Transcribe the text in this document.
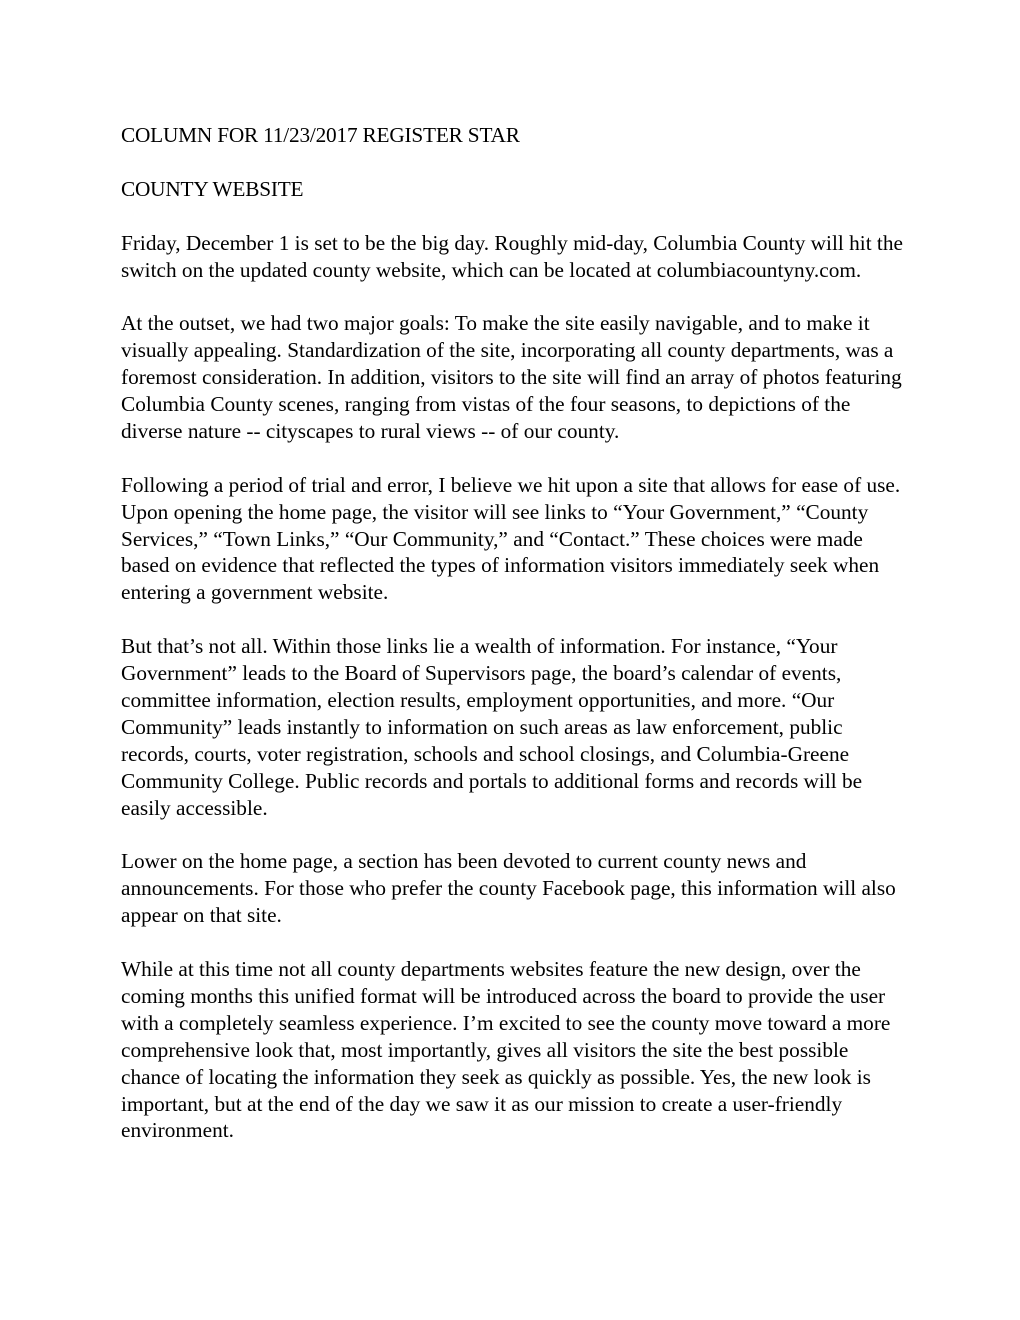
COLUMN FOR 11/23/2017 REGISTER STAR

COUNTY WEBSITE

Friday, December 1 is set to be the big day. Roughly mid-day, Columbia County will hit the switch on the updated county website, which can be located at columbiacountyny.com.

At the outset, we had two major goals: To make the site easily navigable, and to make it visually appealing. Standardization of the site, incorporating all county departments, was a foremost consideration. In addition, visitors to the site will find an array of photos featuring Columbia County scenes, ranging from vistas of the four seasons, to depictions of the diverse nature -- cityscapes to rural views -- of our county.

Following a period of trial and error, I believe we hit upon a site that allows for ease of use. Upon opening the home page, the visitor will see links to “Your Government,” “County Services,” “Town Links,” “Our Community,” and “Contact.” These choices were made based on evidence that reflected the types of information visitors immediately seek when entering a government website.

But that’s not all. Within those links lie a wealth of information. For instance, “Your Government” leads to the Board of Supervisors page, the board’s calendar of events, committee information, election results, employment opportunities, and more. “Our Community” leads instantly to information on such areas as law enforcement, public records, courts, voter registration, schools and school closings, and Columbia-Greene Community College. Public records and portals to additional forms and records will be easily accessible.

Lower on the home page, a section has been devoted to current county news and announcements. For those who prefer the county Facebook page, this information will also appear on that site.

While at this time not all county departments websites feature the new design, over the coming months this unified format will be introduced across the board to provide the user with a completely seamless experience. I’m excited to see the county move toward a more comprehensive look that, most importantly, gives all visitors the site the best possible chance of locating the information they seek as quickly as possible. Yes, the new look is important, but at the end of the day we saw it as our mission to create a user-friendly environment.
